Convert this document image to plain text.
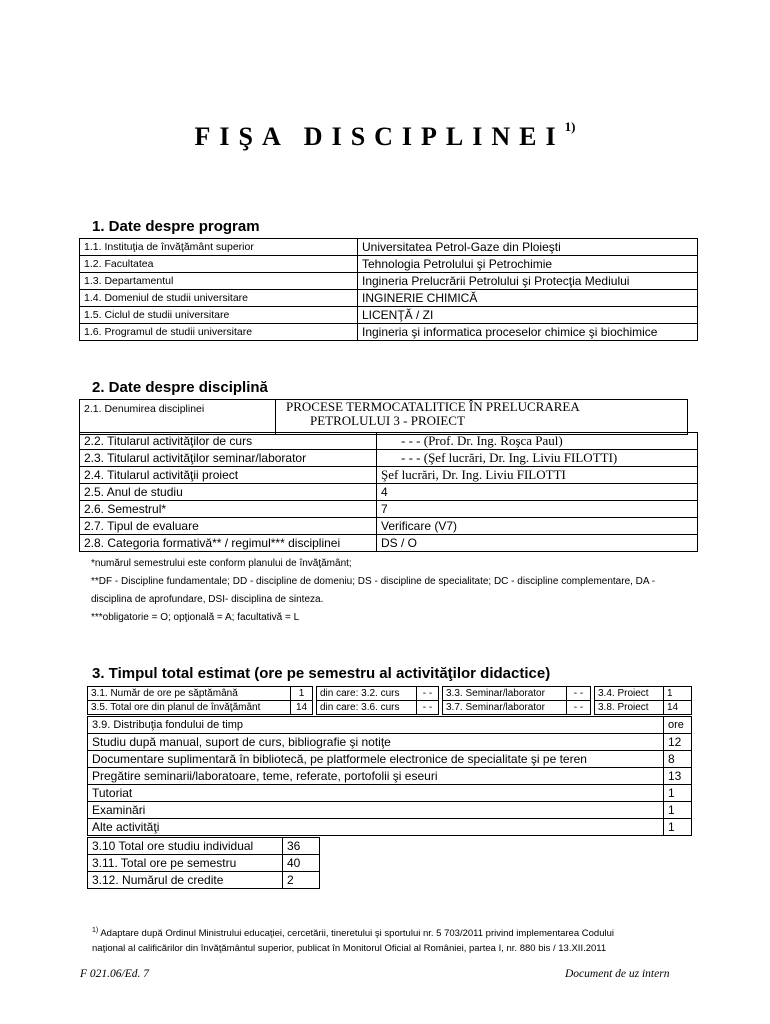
FIŞA DISCIPLINEI$^{1)}$
1. Date despre program
1.1. Instituţia de învăţământ superior	Universitatea Petrol-Gaze din Ploieşti
1.2. Facultatea	Tehnologia Petrolului şi Petrochimie
1.3. Departamentul	Ingineria Prelucrării Petrolului şi Protecţia Mediului
1.4. Domeniul de studii universitare	INGINERIE CHIMICĂ
1.5. Ciclul de studii universitare	LICENŢĂ / ZI
1.6. Programul de studii universitare	Ingineria şi informatica proceselor chimice şi biochimice
2. Date despre disciplină
2.1. Denumirea disciplinei	PROCESE TERMOCATALITICE ÎN PRELUCRAREA
PETROLULUI 3 - PROIECT
2.2. Titularul activităţilor de curs	- - - (Prof. Dr. Ing. Roşca Paul)
2.3. Titularul activităţilor seminar/laborator	- - - (Şef lucrări, Dr. Ing. Liviu FILOTTI)
2.4. Titularul activităţii proiect	Şef lucrări, Dr. Ing. Liviu FILOTTI
2.5. Anul de studiu	4
2.6. Semestrul*	7
2.7. Tipul de evaluare	Verificare (V7)
2.8. Categoria formativă** / regimul*** disciplinei	DS / O
*numărul semestrului este conform planului de învăţământ;
**DF - Discipline fundamentale; DD - discipline de domeniu; DS - discipline de specialitate; DC - discipline complementare, DA -
disciplina de aprofundare, DSI- disciplina de sinteza.
***obligatorie = O; opţională = A; facultativă = L
3. Timpul total estimat (ore pe semestru al activităţilor didactice)
3.1. Număr de ore pe săptămână	1		din care: 3.2. curs	- -		3.3. Seminar/laborator	- -		3.4. Proiect	1
3.5. Total ore din planul de învăţământ	14		din care: 3.6. curs	- -		3.7. Seminar/laborator	- -		3.8. Proiect	14
3.9. Distribuţia fondului de timp	ore
Studiu după manual, suport de curs, bibliografie şi notiţe	12
Documentare suplimentară în bibliotecă, pe platformele electronice de specialitate şi pe teren	8
Pregătire seminarii/laboratoare, teme, referate, portofolii şi eseuri	13
Tutoriat	1
Examinări	1
Alte activităţi	1
3.10 Total ore studiu individual	36
3.11. Total ore pe semestru	40
3.12. Numărul de credite	2
$^{1)}$ Adaptare după Ordinul Ministrului educaţiei, cercetării, tineretului şi sportului nr. 5 703/2011 privind implementarea Codului
naţional al calificărilor din învăţământul superior, publicat în Monitorul Oficial al României, partea I, nr. 880 bis / 13.XII.2011
F 021.06/Ed. 7	Document de uz intern
